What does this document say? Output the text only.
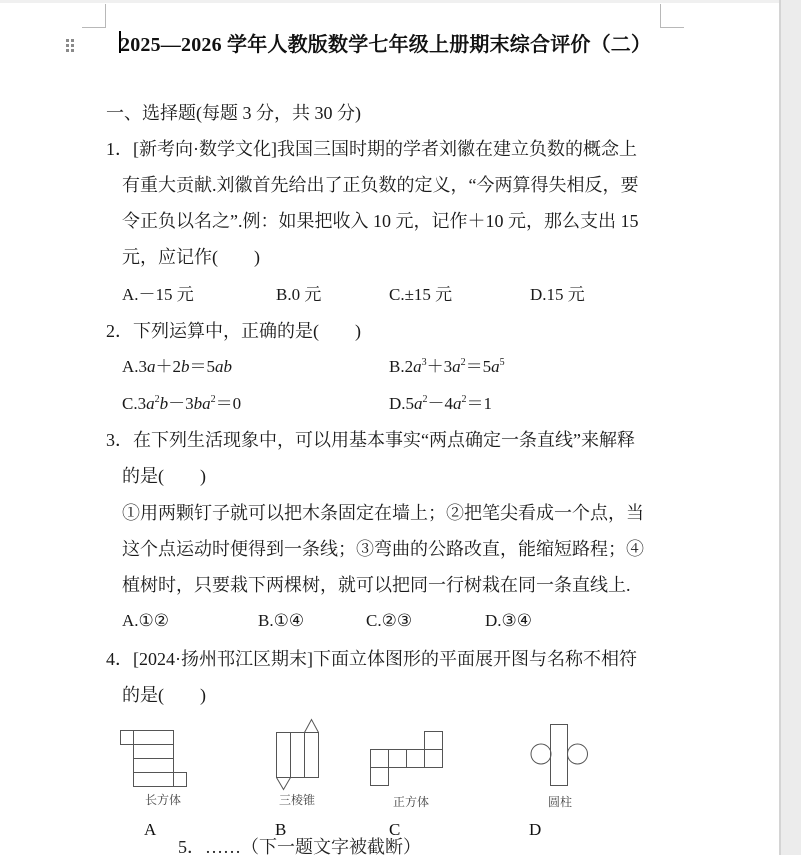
2025—2026 学年人教版数学七年级上册期末综合评价（二）
一、选择题(每题 3 分，共 30 分)
1．[新考向·数学文化]我国三国时期的学者刘徽在建立负数的概念上
有重大贡献.刘徽首先给出了正负数的定义，“今两算得失相反，要
令正负以名之”.例：如果把收入 10 元，记作＋10 元，那么支出 15
元，应记作(　　)
A.－15 元	B.0 元	C.±15 元	D.15 元
2．下列运算中，正确的是(　　)
A.3a＋2b＝5ab	$B.2a^3+3a^2=5a^5$
$C.3a^2b-3ba^2=0$	$D.5a^2-4a^2=1$
3．在下列生活现象中，可以用基本事实“两点确定一条直线”来解释
的是(　　)
①用两颗钉子就可以把木条固定在墙上；②把笔尖看成一个点，当
这个点运动时便得到一条线；③弯曲的公路改直，能缩短路程；④
植树时，只要栽下两棵树，就可以把同一行树栽在同一条直线上.
A.①②	B.①④	C.②③	D.③④
4．[2024·扬州邗江区期末]下面立体图形的平面展开图与名称不相符
的是(　　)
长方体
A
三棱锥
B
正方体
C
圆柱
D
5．……（下一题文字被截断）
